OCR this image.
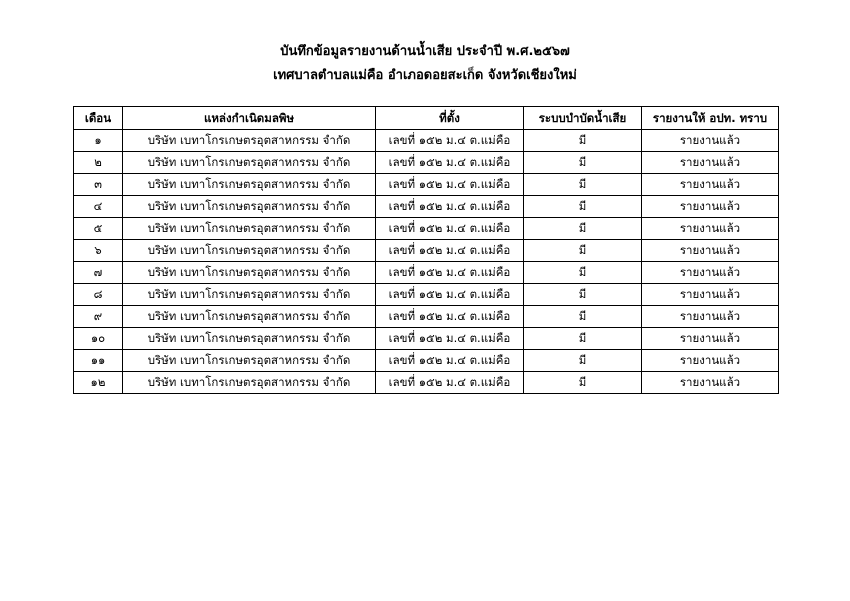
บันทึกข้อมูลรายงานด้านน้ำเสีย ประจำปี พ.ศ.๒๕๖๗
เทศบาลตำบลแม่คือ อำเภอดอยสะเก็ด จังหวัดเชียงใหม่
เดือน	แหล่งกำเนิดมลพิษ	ที่ตั้ง	ระบบบำบัดน้ำเสีย	รายงานให้ อปท. ทราบ
๑	บริษัท เบทาโกรเกษตรอุตสาหกรรม จำกัด	เลขที่ ๑๕๒ ม.๔ ต.แม่คือ	มี	รายงานแล้ว
๒	บริษัท เบทาโกรเกษตรอุตสาหกรรม จำกัด	เลขที่ ๑๕๒ ม.๔ ต.แม่คือ	มี	รายงานแล้ว
๓	บริษัท เบทาโกรเกษตรอุตสาหกรรม จำกัด	เลขที่ ๑๕๒ ม.๔ ต.แม่คือ	มี	รายงานแล้ว
๔	บริษัท เบทาโกรเกษตรอุตสาหกรรม จำกัด	เลขที่ ๑๕๒ ม.๔ ต.แม่คือ	มี	รายงานแล้ว
๕	บริษัท เบทาโกรเกษตรอุตสาหกรรม จำกัด	เลขที่ ๑๕๒ ม.๔ ต.แม่คือ	มี	รายงานแล้ว
๖	บริษัท เบทาโกรเกษตรอุตสาหกรรม จำกัด	เลขที่ ๑๕๒ ม.๔ ต.แม่คือ	มี	รายงานแล้ว
๗	บริษัท เบทาโกรเกษตรอุตสาหกรรม จำกัด	เลขที่ ๑๕๒ ม.๔ ต.แม่คือ	มี	รายงานแล้ว
๘	บริษัท เบทาโกรเกษตรอุตสาหกรรม จำกัด	เลขที่ ๑๕๒ ม.๔ ต.แม่คือ	มี	รายงานแล้ว
๙	บริษัท เบทาโกรเกษตรอุตสาหกรรม จำกัด	เลขที่ ๑๕๒ ม.๔ ต.แม่คือ	มี	รายงานแล้ว
๑๐	บริษัท เบทาโกรเกษตรอุตสาหกรรม จำกัด	เลขที่ ๑๕๒ ม.๔ ต.แม่คือ	มี	รายงานแล้ว
๑๑	บริษัท เบทาโกรเกษตรอุตสาหกรรม จำกัด	เลขที่ ๑๕๒ ม.๔ ต.แม่คือ	มี	รายงานแล้ว
๑๒	บริษัท เบทาโกรเกษตรอุตสาหกรรม จำกัด	เลขที่ ๑๕๒ ม.๔ ต.แม่คือ	มี	รายงานแล้ว
